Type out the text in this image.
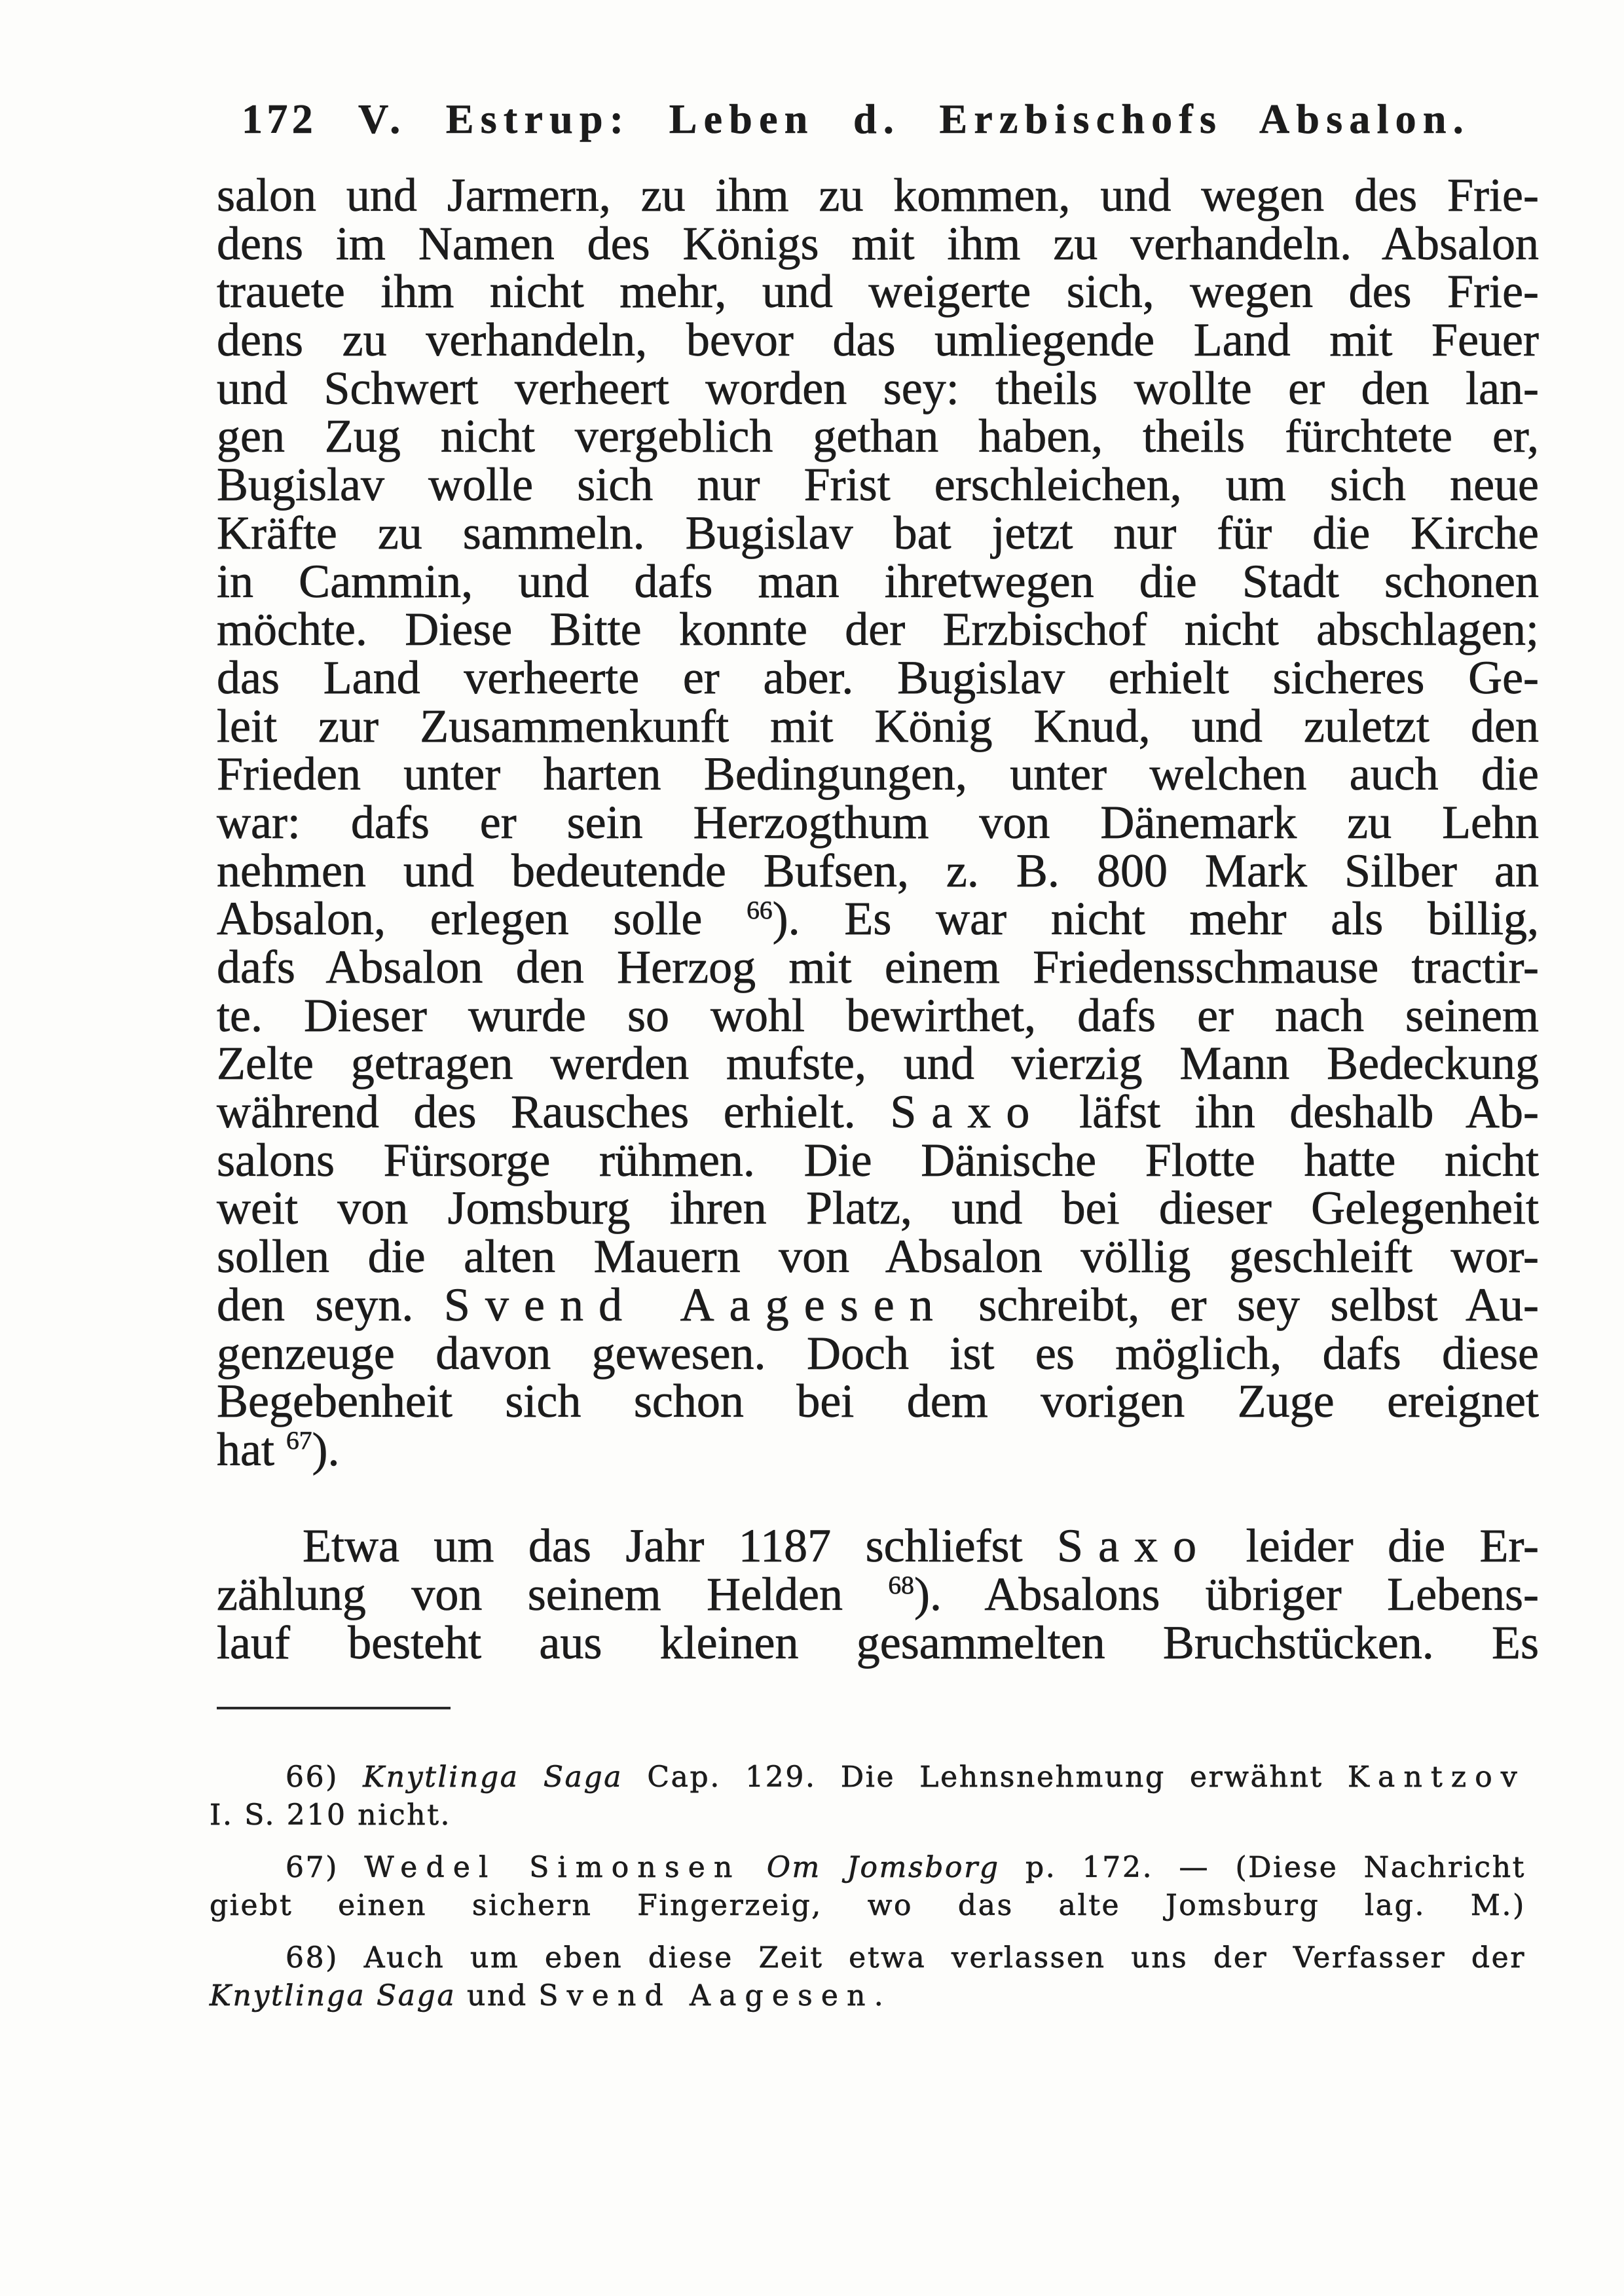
172 V. Estrup: Leben d. Erzbischofs Absalon.
salon und Jarmern, zu ihm zu kommen, und wegen des Frie-
dens im Namen des Königs mit ihm zu verhandeln. Absalon
trauete ihm nicht mehr, und weigerte sich, wegen des Frie-
dens zu verhandeln, bevor das umliegende Land mit Feuer
und Schwert verheert worden sey: theils wollte er den lan-
gen Zug nicht vergeblich gethan haben, theils fürchtete er,
Bugislav wolle sich nur Frist erschleichen, um sich neue
Kräfte zu sammeln. Bugislav bat jetzt nur für die Kirche
in Cammin, und dafs man ihretwegen die Stadt schonen
möchte. Diese Bitte konnte der Erzbischof nicht abschlagen;
das Land verheerte er aber. Bugislav erhielt sicheres Ge-
leit zur Zusammenkunft mit König Knud, und zuletzt den
Frieden unter harten Bedingungen, unter welchen auch die
war: dafs er sein Herzogthum von Dänemark zu Lehn
nehmen und bedeutende Bufsen, z. B. 800 Mark Silber an
Absalon, erlegen solle $^{66}$). Es war nicht mehr als billig,
dafs Absalon den Herzog mit einem Friedensschmause tractir-
te. Dieser wurde so wohl bewirthet, dafs er nach seinem
Zelte getragen werden mufste, und vierzig Mann Bedeckung
während des Rausches erhielt. Saxo läfst ihn deshalb Ab-
salons Fürsorge rühmen. Die Dänische Flotte hatte nicht
weit von Jomsburg ihren Platz, und bei dieser Gelegenheit
sollen die alten Mauern von Absalon völlig geschleift wor-
den seyn. Svend Aagesen schreibt, er sey selbst Au-
genzeuge davon gewesen. Doch ist es möglich, dafs diese
Begebenheit sich schon bei dem vorigen Zuge ereignet
hat $^{67}$).
Etwa um das Jahr 1187 schliefst Saxo leider die Er-
zählung von seinem Helden $^{68}$). Absalons übriger Lebens-
lauf besteht aus kleinen gesammelten Bruchstücken. Es
66) Knytlinga Saga Cap. 129. Die Lehnsnehmung erwähnt Kantzov
I. S. 210 nicht.
67) Wedel Simonsen Om Jomsborg p. 172. — (Diese Nachricht
giebt einen sichern Fingerzeig, wo das alte Jomsburg lag. M.)
68) Auch um eben diese Zeit etwa verlassen uns der Verfasser der
Knytlinga Saga und Svend Aagesen.
